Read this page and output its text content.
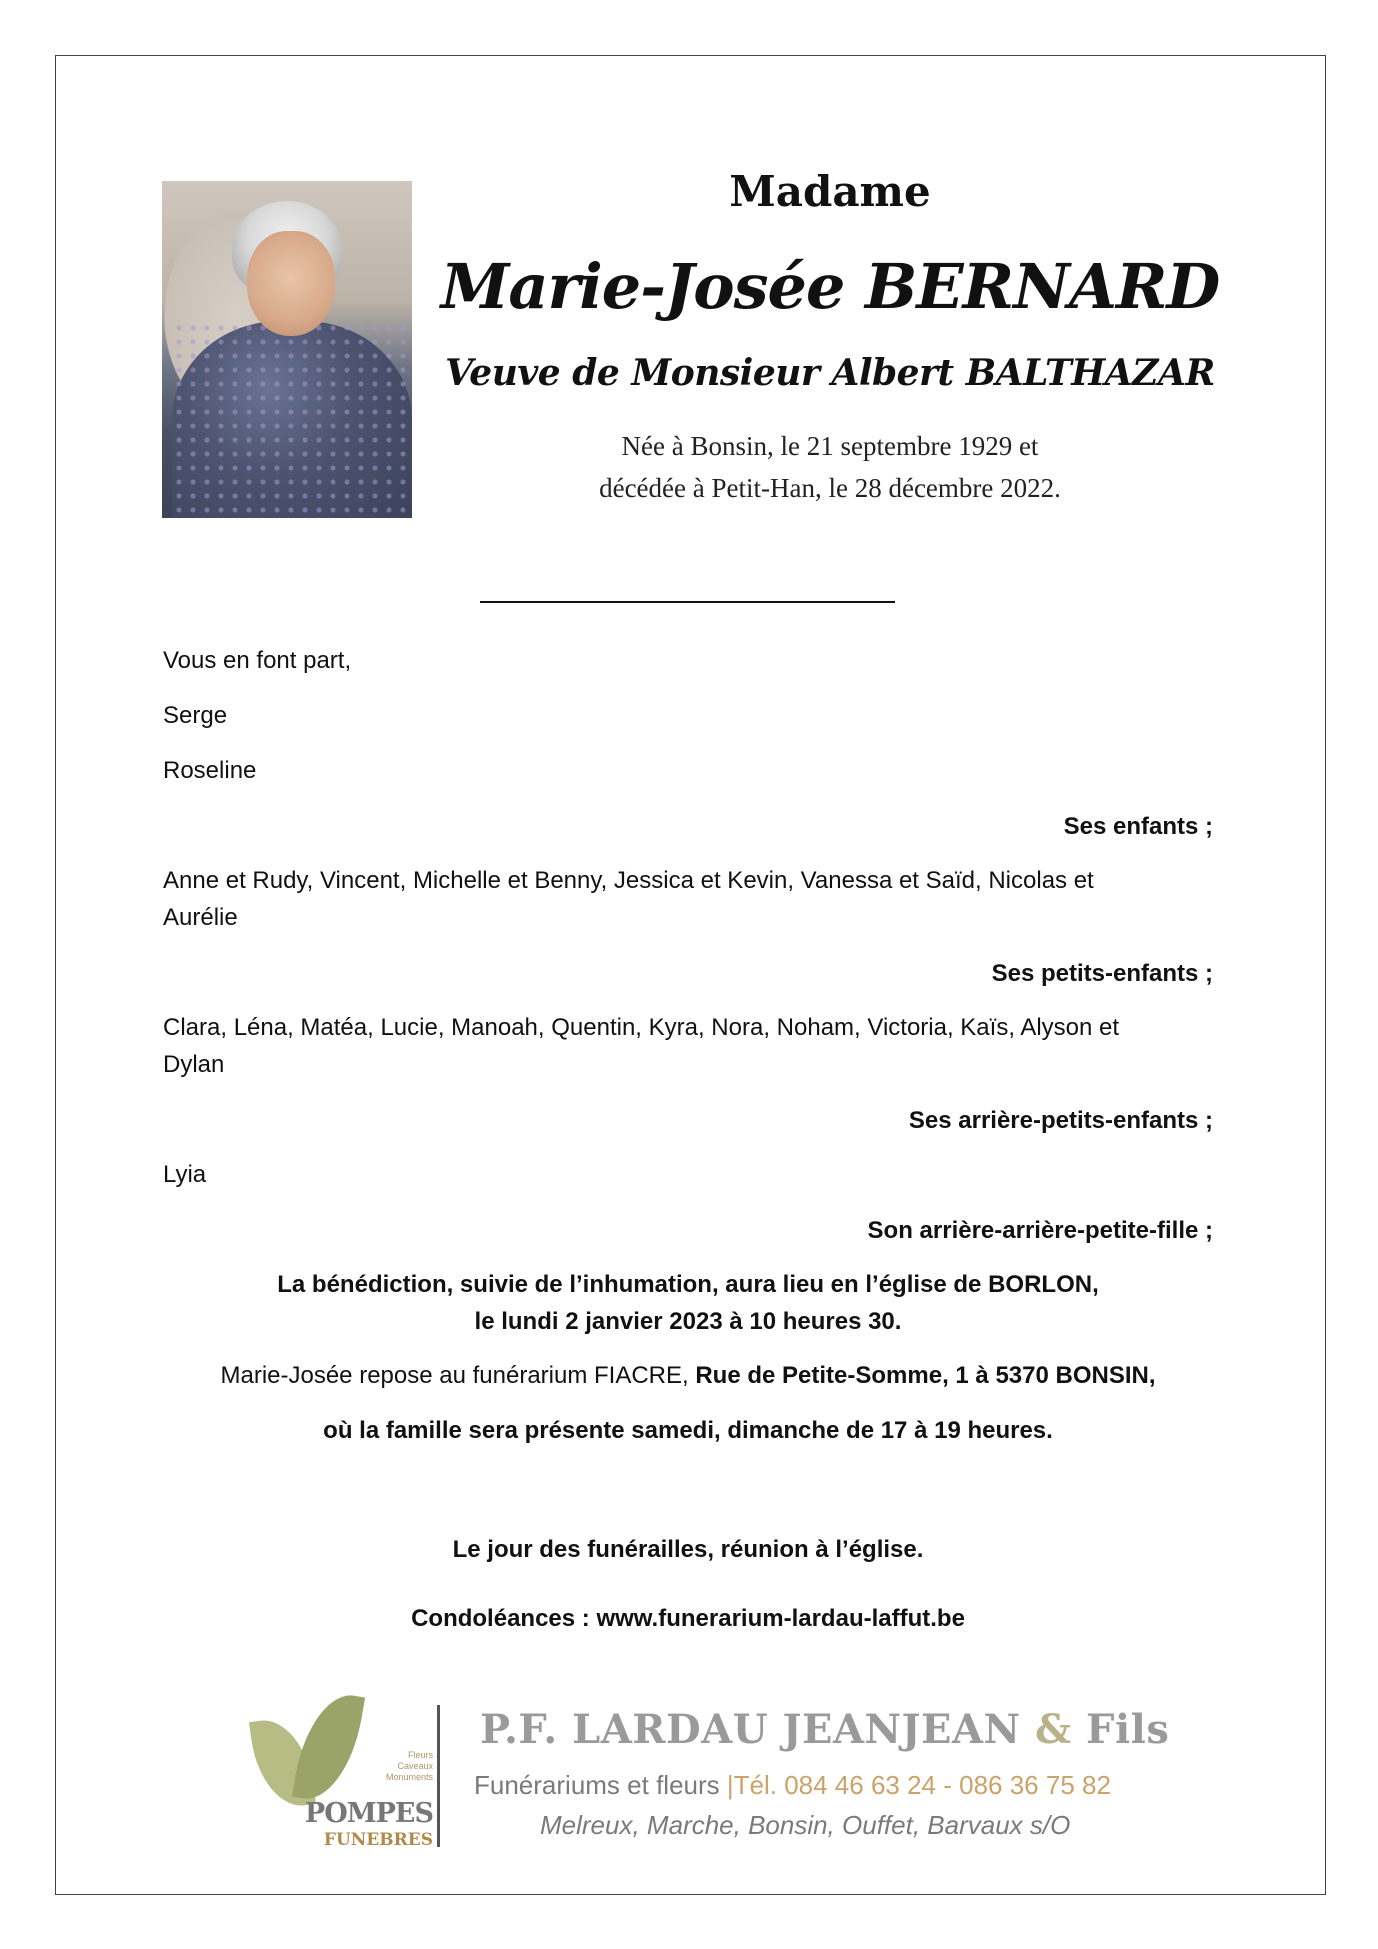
Madame
Marie-Josée BERNARD
Veuve de Monsieur Albert BALTHAZAR
Née à Bonsin, le 21 septembre 1929 et
décédée à Petit-Han, le 28 décembre 2022.
Vous en font part,
Serge
Roseline
Ses enfants ;
Anne et Rudy, Vincent, Michelle et Benny, Jessica et Kevin, Vanessa et Saïd, Nicolas et
Aurélie
Ses petits-enfants ;
Clara, Léna, Matéa, Lucie, Manoah, Quentin, Kyra, Nora, Noham, Victoria, Kaïs, Alyson et
Dylan
Ses arrière-petits-enfants ;
Lyia
Son arrière-arrière-petite-fille ;
La bénédiction, suivie de l’inhumation, aura lieu en l’église de BORLON,
le lundi 2 janvier 2023 à 10 heures 30.
Marie-Josée repose au funérarium FIACRE, Rue de Petite-Somme, 1 à 5370 BONSIN,
où la famille sera présente samedi, dimanche de 17 à 19 heures.
Le jour des funérailles, réunion à l’église.
Condoléances : www.funerarium-lardau-laffut.be
Fleurs
Caveaux
Monuments
POMPES
FUNEBRES
P.F. LARDAU JEANJEAN & Fils
Funérariums et fleurs |Tél. 084 46 63 24 - 086 36 75 82
Melreux, Marche, Bonsin, Ouffet, Barvaux s/O
